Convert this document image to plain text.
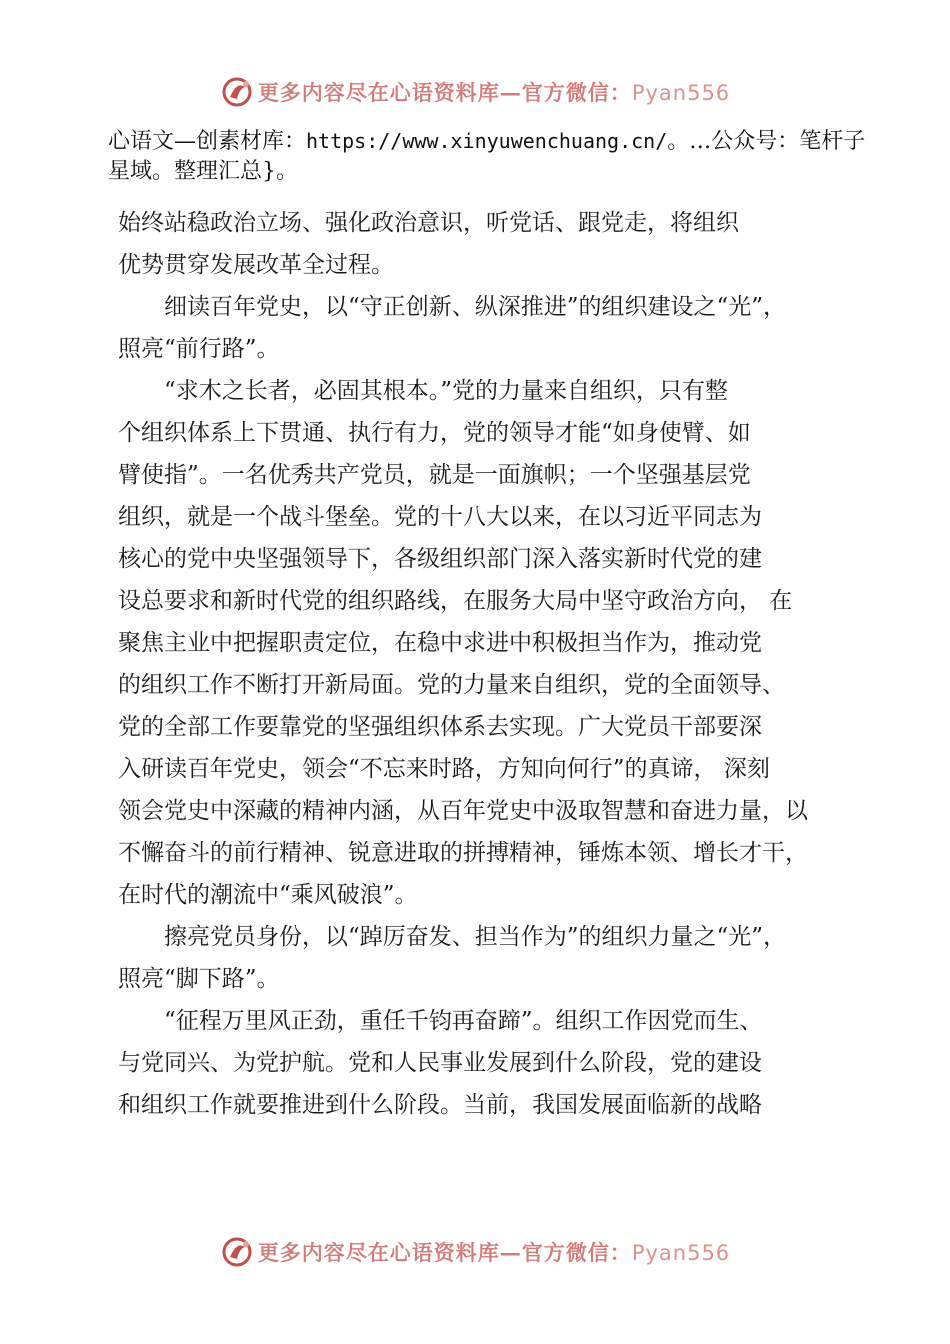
更多内容尽在心语资料库—官方微信：Pyan556
心语文—创素材库：https://www.xinyuwenchuang.cn/。…公众号：笔杆子星域。整理汇总}。
始终站稳政治立场、强化政治意识，听党话、跟党走，将组织
优势贯穿发展改革全过程。
细读百年党史，以“守正创新、纵深推进”的组织建设之“光”，
照亮“前行路”。
“求木之长者，必固其根本。”党的力量来自组织，只有整
个组织体系上下贯通、执行有力，党的领导才能“如身使臂、如
臂使指”。一名优秀共产党员，就是一面旗帜；一个坚强基层党
组织，就是一个战斗堡垒。党的十八大以来，在以习近平同志为
核心的党中央坚强领导下，各级组织部门深入落实新时代党的建
设总要求和新时代党的组织路线，在服务大局中坚守政治方向， 在
聚焦主业中把握职责定位，在稳中求进中积极担当作为，推动党
的组织工作不断打开新局面。党的力量来自组织，党的全面领导、
党的全部工作要靠党的坚强组织体系去实现。广大党员干部要深
入研读百年党史，领会“不忘来时路，方知向何行”的真谛， 深刻
领会党史中深藏的精神内涵，从百年党史中汲取智慧和奋进力量，以
不懈奋斗的前行精神、锐意进取的拼搏精神，锤炼本领、增长才干，
在时代的潮流中“乘风破浪”。
擦亮党员身份，以“踔厉奋发、担当作为”的组织力量之“光”，
照亮“脚下路”。
“征程万里风正劲，重任千钧再奋蹄”。组织工作因党而生、
与党同兴、为党护航。党和人民事业发展到什么阶段，党的建设
和组织工作就要推进到什么阶段。当前，我国发展面临新的战略
更多内容尽在心语资料库—官方微信：Pyan556
